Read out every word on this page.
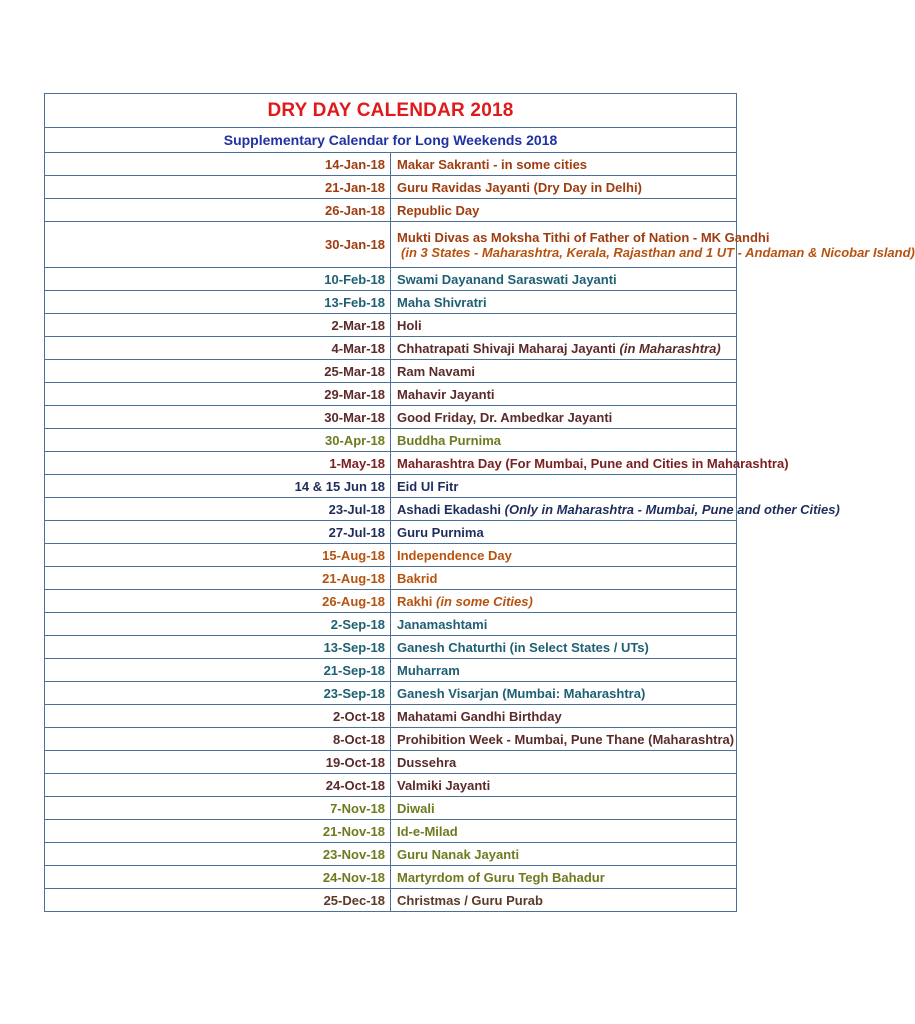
DRY DAY CALENDAR 2018	
Supplementary Calendar for Long Weekends 2018	
14-Jan-18	Makar Sakranti - in some cities
21-Jan-18	Guru Ravidas Jayanti (Dry Day in Delhi)
26-Jan-18	Republic Day
30-Jan-18	Mukti Divas as Moksha Tithi of Father of Nation - MK Gandhi
(in 3 States - Maharashtra, Kerala, Rajasthan and 1 UT - Andaman & Nicobar Island)

10-Feb-18	Swami Dayanand Saraswati Jayanti
13-Feb-18	Maha Shivratri
2-Mar-18	Holi
4-Mar-18	Chhatrapati Shivaji Maharaj Jayanti (in Maharashtra)
25-Mar-18	Ram Navami
29-Mar-18	Mahavir Jayanti
30-Mar-18	Good Friday, Dr. Ambedkar Jayanti
30-Apr-18	Buddha Purnima
1-May-18	Maharashtra Day (For Mumbai, Pune and Cities in Maharashtra)
14 & 15 Jun 18	Eid Ul Fitr
23-Jul-18	Ashadi Ekadashi (Only in Maharashtra - Mumbai, Pune and other Cities)
27-Jul-18	Guru Purnima
15-Aug-18	Independence Day
21-Aug-18	Bakrid
26-Aug-18	Rakhi (in some Cities)
2-Sep-18	Janamashtami
13-Sep-18	Ganesh Chaturthi (in Select States / UTs)
21-Sep-18	Muharram
23-Sep-18	Ganesh Visarjan (Mumbai: Maharashtra)
2-Oct-18	Mahatami Gandhi Birthday
8-Oct-18	Prohibition Week - Mumbai, Pune Thane (Maharashtra)
19-Oct-18	Dussehra
24-Oct-18	Valmiki Jayanti
7-Nov-18	Diwali
21-Nov-18	Id-e-Milad
23-Nov-18	Guru Nanak Jayanti
24-Nov-18	Martyrdom of Guru Tegh Bahadur
25-Dec-18	Christmas / Guru Purab
